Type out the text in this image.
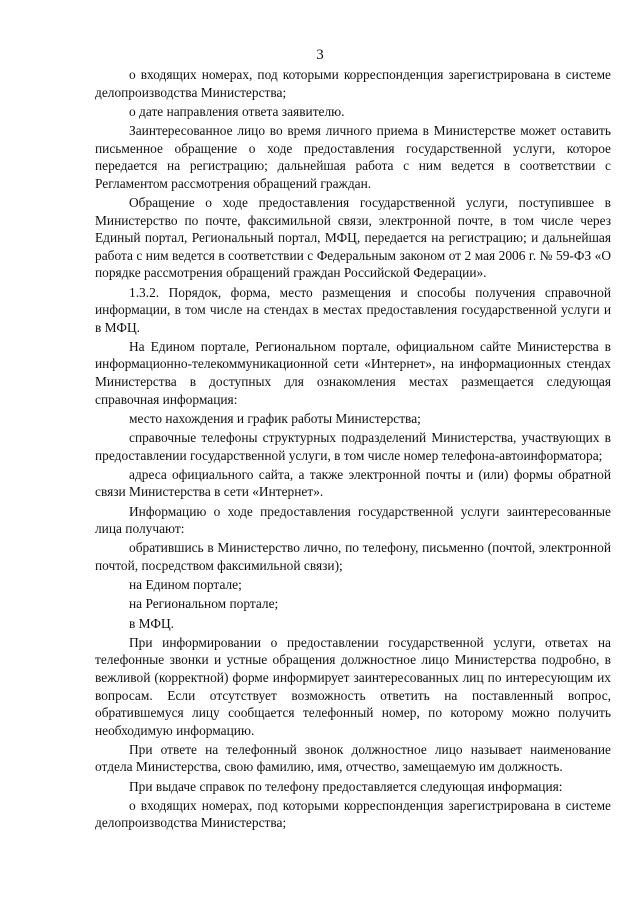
3

о входящих номерах, под которыми корреспонденция зарегистрирована в системе делопроизводства Министерства;

о дате направления ответа заявителю.

Заинтересованное лицо во время личного приема в Министерстве может оставить письменное обращение о ходе предоставления государственной услуги, которое передается на регистрацию; дальнейшая работа с ним ведется в соответствии с Регламентом рассмотрения обращений граждан.

Обращение о ходе предоставления государственной услуги, поступившее в Министерство по почте, факсимильной связи, электронной почте, в том числе через Единый портал, Региональный портал, МФЦ, передается на регистрацию; и дальнейшая работа с ним ведется в соответствии с Федеральным законом от 2 мая 2006 г. № 59-ФЗ «О порядке рассмотрения обращений граждан Российской Федерации».

1.3.2. Порядок, форма, место размещения и способы получения справочной информации, в том числе на стендах в местах предоставления государственной услуги и в МФЦ.

На Едином портале, Региональном портале, официальном сайте Министерства в информационно-телекоммуникационной сети «Интернет», на информационных стендах Министерства в доступных для ознакомления местах размещается следующая справочная информация:

место нахождения и график работы Министерства;

справочные телефоны структурных подразделений Министерства, участвующих в предоставлении государственной услуги, в том числе номер телефона-автоинформатора;

адреса официального сайта, а также электронной почты и (или) формы обратной связи Министерства в сети «Интернет».

Информацию о ходе предоставления государственной услуги заинтересованные лица получают:

обратившись в Министерство лично, по телефону, письменно (почтой, электронной почтой, посредством факсимильной связи);

на Едином портале;

на Региональном портале;

в МФЦ.

При информировании о предоставлении государственной услуги, ответах на телефонные звонки и устные обращения должностное лицо Министерства подробно, в вежливой (корректной) форме информирует заинтересованных лиц по интересующим их вопросам. Если отсутствует возможность ответить на поставленный вопрос, обратившемуся лицу сообщается телефонный номер, по которому можно получить необходимую информацию.

При ответе на телефонный звонок должностное лицо называет наименование отдела Министерства, свою фамилию, имя, отчество, замещаемую им должность.

При выдаче справок по телефону предоставляется следующая информация:

о входящих номерах, под которыми корреспонденция зарегистрирована в системе делопроизводства Министерства;
